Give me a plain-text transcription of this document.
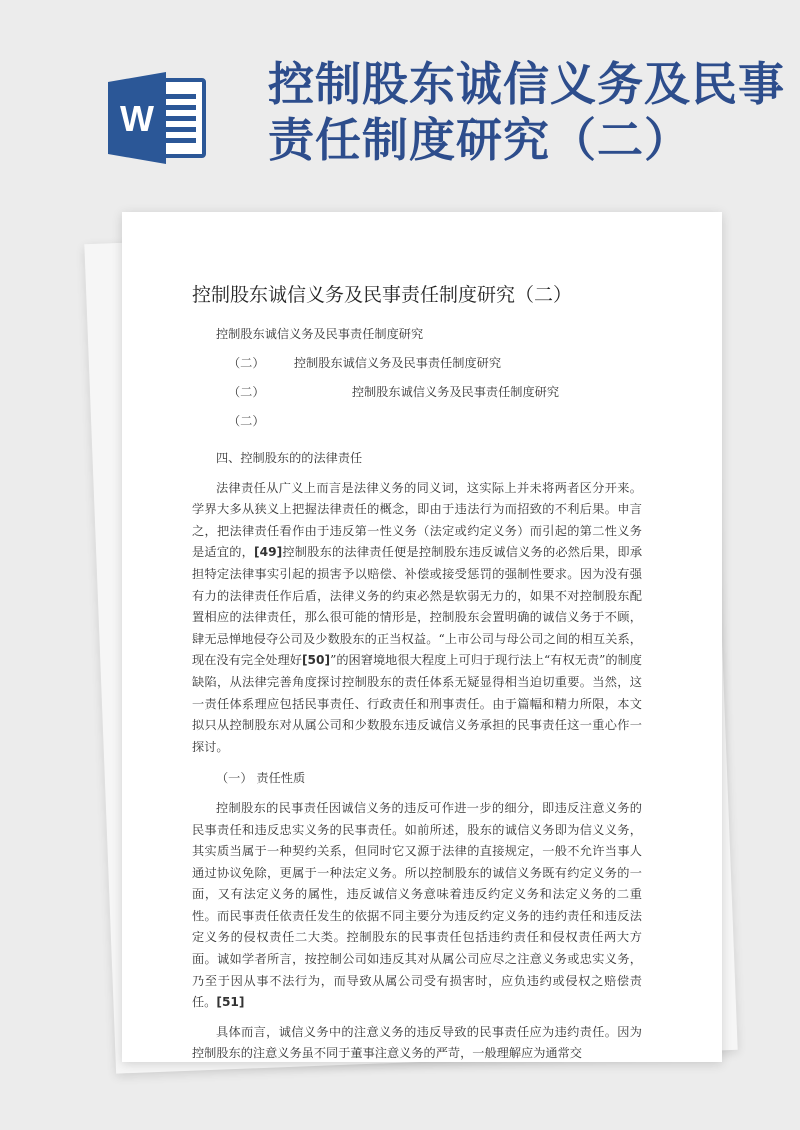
W
控制股东诚信义务及民事责任制度研究（二）
控制股东诚信义务及民事责任制度研究（二）
控制股东诚信义务及民事责任制度研究
（二） 控制股东诚信义务及民事责任制度研究
（二）	控制股东诚信义务及民事责任制度研究
（二）
四、控制股东的的法律责任

法律责任从广义上而言是法律义务的同义词，这实际上并未将两者区分开来。学界大多从狭义上把握法律责任的概念，即由于违法行为而招致的不利后果。申言之，把法律责任看作由于违反第一性义务（法定或约定义务）而引起的第二性义务是适宜的，[49]控制股东的法律责任便是控制股东违反诚信义务的必然后果，即承担特定法律事实引起的损害予以赔偿、补偿或接受惩罚的强制性要求。因为没有强有力的法律责任作后盾，法律义务的约束必然是软弱无力的，如果不对控制股东配置相应的法律责任，那么很可能的情形是，控制股东会置明确的诚信义务于不顾，肆无忌惮地侵夺公司及少数股东的正当权益。“上市公司与母公司之间的相互关系，现在没有完全处理好[50]”的困窘境地很大程度上可归于现行法上“有权无责”的制度缺陷，从法律完善角度探讨控制股东的责任体系无疑显得相当迫切重要。当然，这一责任体系理应包括民事责任、行政责任和刑事责任。由于篇幅和精力所限，本文拟只从控制股东对从属公司和少数股东违反诚信义务承担的民事责任这一重心作一探讨。

（一） 责任性质

控制股东的民事责任因诚信义务的违反可作进一步的细分，即违反注意义务的民事责任和违反忠实义务的民事责任。如前所述，股东的诚信义务即为信义义务，其实质当属于一种契约关系，但同时它又源于法律的直接规定，一般不允许当事人通过协议免除，更属于一种法定义务。所以控制股东的诚信义务既有约定义务的一面，又有法定义务的属性，违反诚信义务意味着违反约定义务和法定义务的二重性。而民事责任依责任发生的依据不同主要分为违反约定义务的违约责任和违反法定义务的侵权责任二大类。控制股东的民事责任包括违约责任和侵权责任两大方面。诚如学者所言，按控制公司如违反其对从属公司应尽之注意义务或忠实义务，乃至于因从事不法行为，而导致从属公司受有损害时，应负违约或侵权之赔偿责任。[51]

具体而言，诚信义务中的注意义务的违反导致的民事责任应为违约责任。因为控制股东的注意义务虽不同于董事注意义务的严苛，一般理解应为通常交
